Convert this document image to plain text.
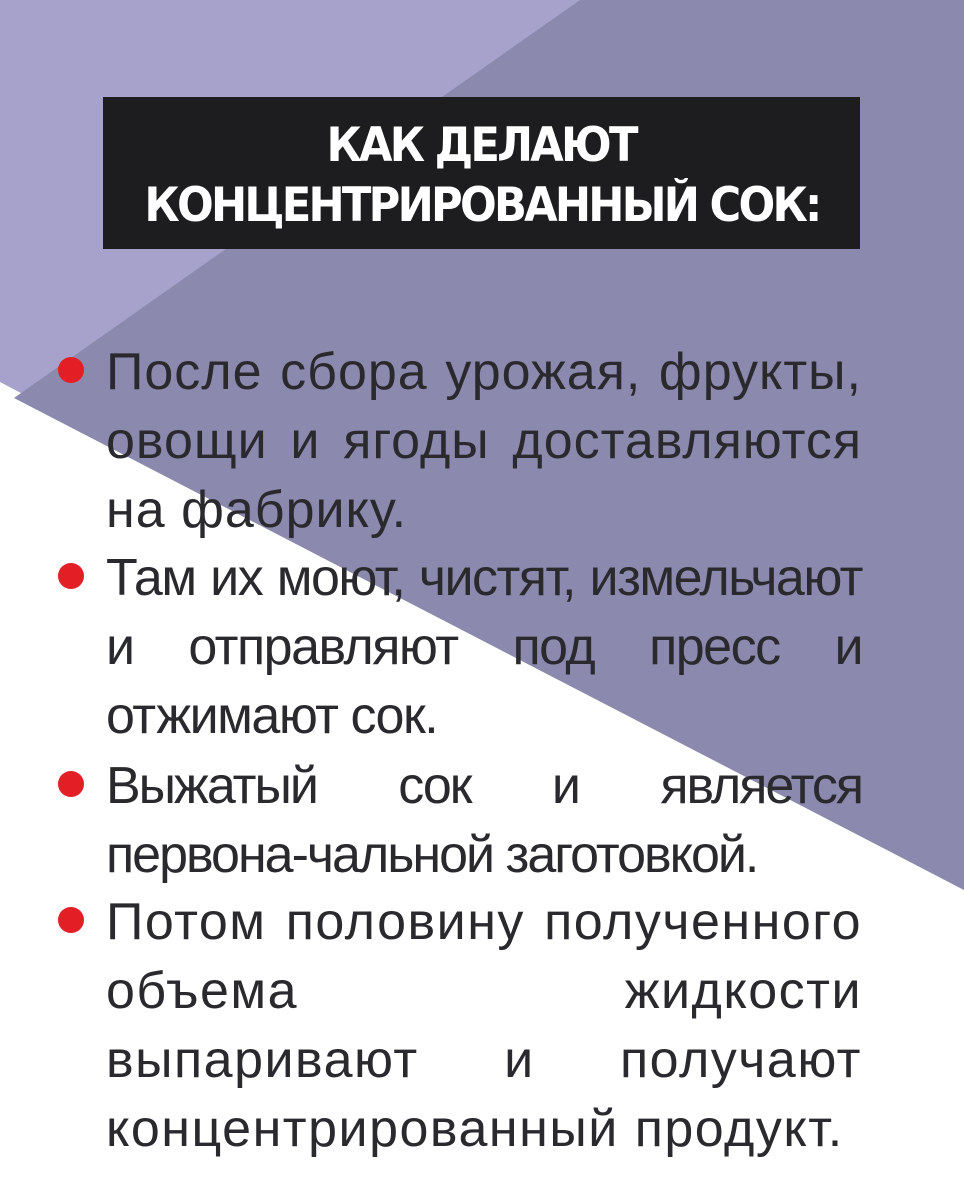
КАК ДЕЛАЮТ
КОНЦЕНТРИРОВАННЫЙ СОК:

После сбора урожая, фрукты, овощи и ягоды доставляются на фабрику.

Там их моют, чистят, измельчают и отправляют под пресс и отжимают сок.

Выжатый сок и является первона-чальной заготовкой.

Потом половину полученного объема жидкости выпаривают и получают концентрированный продукт.
